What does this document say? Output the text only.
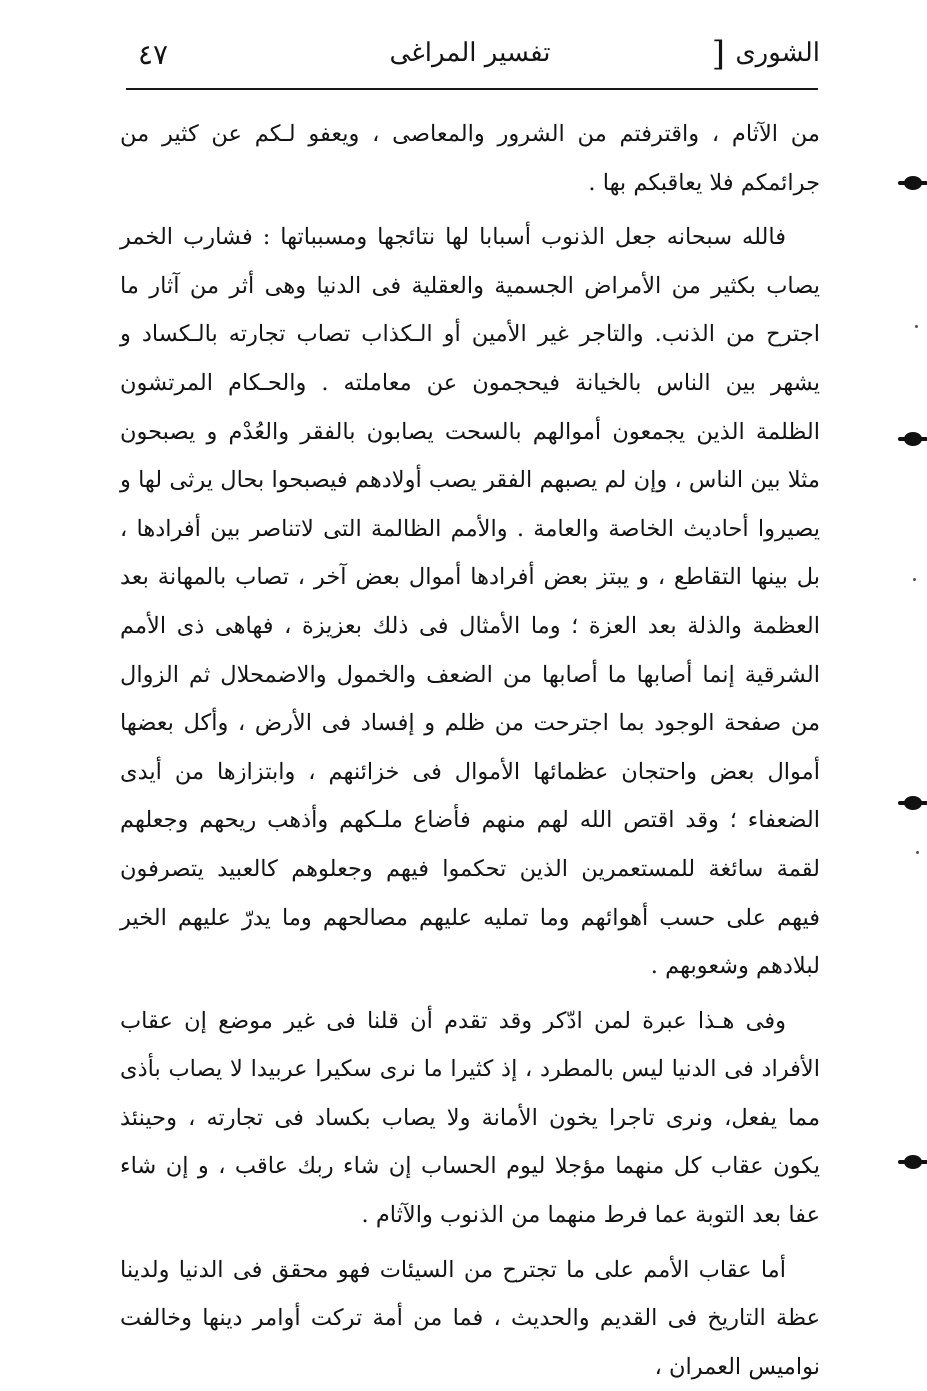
الشورى
]
تفسير المراغى
٤٧

من الآثام ، واقترفتم من الشرور والمعاصى ، ويعفو لـكم عن كثير من جرائمكم فلا يعاقبكم بها .

فالله سبحانه جعل الذنوب أسبابا لها نتائجها ومسبباتها : فشارب الخمر يصاب بكثير من الأمراض الجسمية والعقلية فى الدنيا وهى أثر من آثار ما اجترح من الذنب. والتاجر غير الأمين أو الـكذاب تصاب تجارته بالـكساد و يشهر بين الناس بالخيانة فيحجمون عن معاملته . والحـكام المرتشون الظلمة الذين يجمعون أموالهم بالسحت يصابون بالفقر والعُدْم و يصبحون مثلا بين الناس ، وإن لم يصبهم الفقر يصب أولادهم فيصبحوا بحال يرثى لها و يصيروا أحاديث الخاصة والعامة . والأمم الظالمة التى لاتناصر بين أفرادها ، بل بينها التقاطع ، و يبتز بعض أفرادها أموال بعض آخر ، تصاب بالمهانة بعد العظمة والذلة بعد العزة ؛ وما الأمثال فى ذلك بعزيزة ، فهاهى ذى الأمم الشرقية إنما أصابها ما أصابها من الضعف والخمول والاضمحلال ثم الزوال من صفحة الوجود بما اجترحت من ظلم و إفساد فى الأرض ، وأكل بعضها أموال بعض واحتجان عظمائها الأموال فى خزائنهم ، وابتزازها من أيدى الضعفاء ؛ وقد اقتص الله لهم منهم فأضاع ملـكهم وأذهب ريحهم وجعلهم لقمة سائغة للمستعمرين الذين تحكموا فيهم وجعلوهم كالعبيد يتصرفون فيهم على حسب أهوائهم وما تمليه عليهم مصالحهم وما يدرّ عليهم الخير لبلادهم وشعوبهم .

وفى هـذا عبرة لمن ادّكر وقد تقدم أن قلنا فى غير موضع إن عقاب الأفراد فى الدنيا ليس بالمطرد ، إذ كثيرا ما نرى سكيرا عربيدا لا يصاب بأذى مما يفعل، ونرى تاجرا يخون الأمانة ولا يصاب بكساد فى تجارته ، وحينئذ يكون عقاب كل منهما مؤجلا ليوم الحساب إن شاء ربك عاقب ، و إن شاء عفا بعد التوبة عما فرط منهما من الذنوب والآثام .

أما عقاب الأمم على ما تجترح من السيئات فهو محقق فى الدنيا ولدينا عظة التاريخ فى القديم والحديث ، فما من أمة تركت أوامر دينها وخالفت نواميس العمران ،
